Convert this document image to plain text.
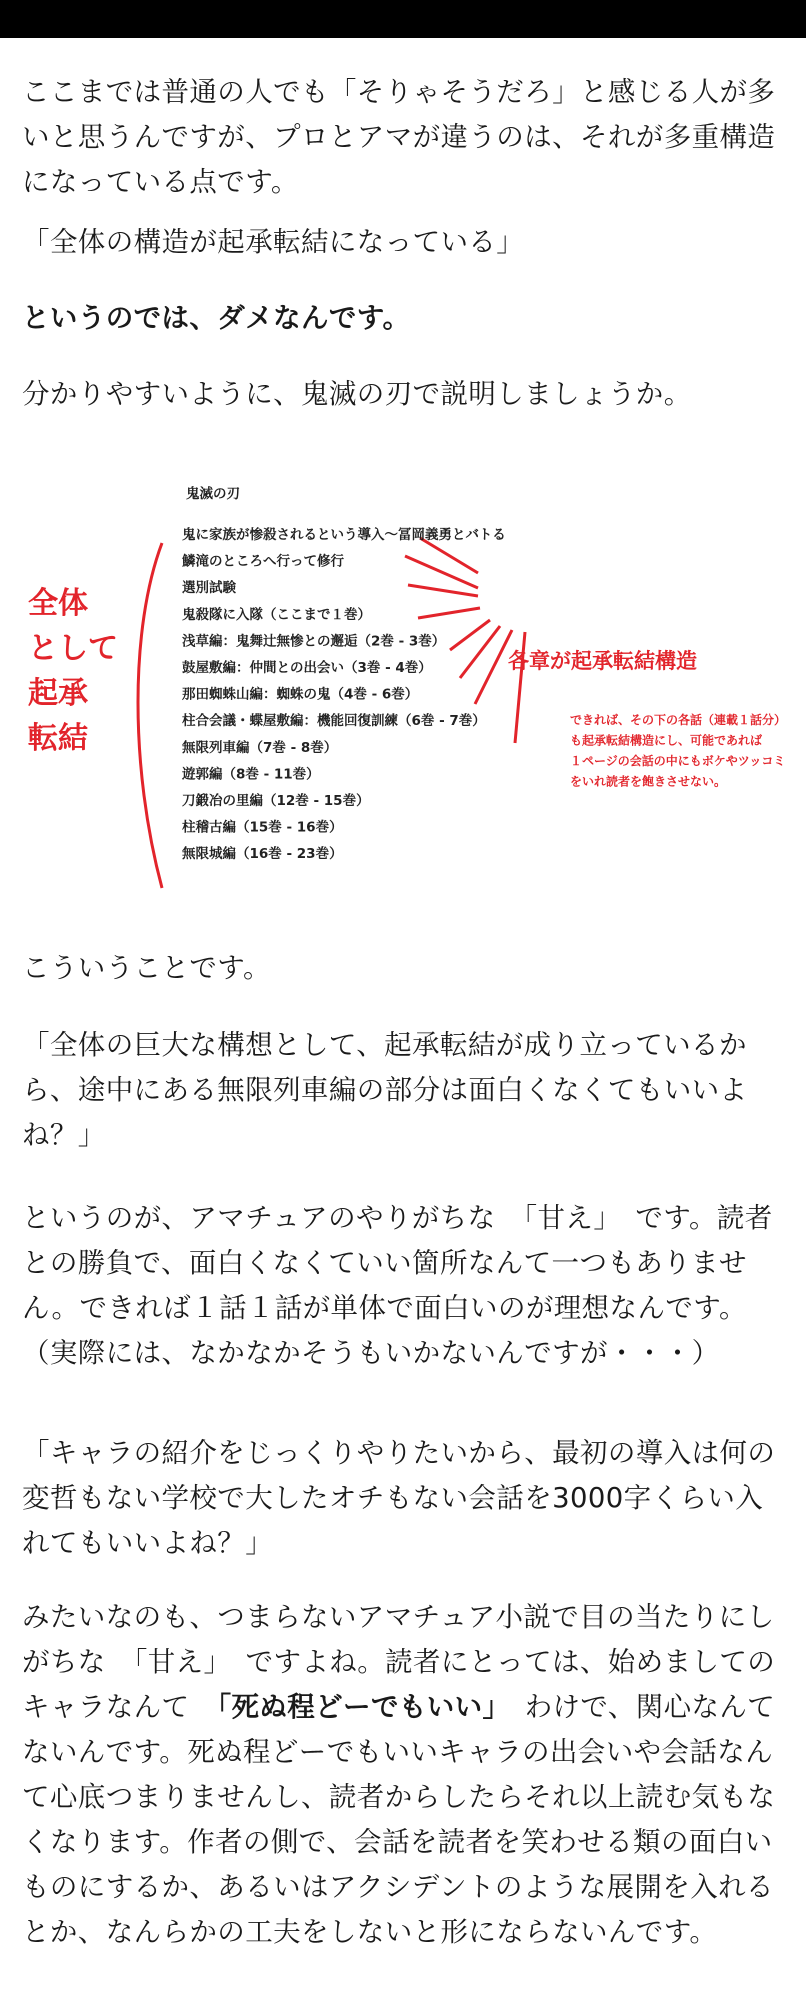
ここまでは普通の人でも「そりゃそうだろ」と感じる人が多いと思うんですが、プロとアマが違うのは、それが多重構造になっている点です。

「全体の構造が起承転結になっている」

というのでは、ダメなんです。

分かりやすいように、鬼滅の刃で説明しましょうか。

鬼滅の刃
鬼に家族が惨殺されるという導入～冨岡義勇とバトる
鱗滝のところへ行って修行
選別試験
鬼殺隊に入隊（ここまで１巻）
浅草編：鬼舞辻無惨との邂逅（2巻 - 3巻）
鼓屋敷編：仲間との出会い（3巻 - 4巻）
那田蜘蛛山編：蜘蛛の鬼（4巻 - 6巻）
柱合会議・蝶屋敷編：機能回復訓練（6巻 - 7巻）
無限列車編（7巻 - 8巻）
遊郭編（8巻 - 11巻）
刀鍛冶の里編（12巻 - 15巻）
柱稽古編（15巻 - 16巻）
無限城編（16巻 - 23巻）
全体
として
起承
転結
各章が起承転結構造
できれば、その下の各話（連載１話分）
も起承転結構造にし、可能であれば
１ページの会話の中にもボケやツッコミ
をいれ読者を飽きさせない。

こういうことです。

「全体の巨大な構想として、起承転結が成り立っているから、途中にある無限列車編の部分は面白くなくてもいいよね？」

というのが、アマチュアのやりがちな　「甘え」　です。読者との勝負で、面白くなくていい箇所なんて一つもありません。できれば１話１話が単体で面白いのが理想なんです。（実際には、なかなかそうもいかないんですが・・・）

「キャラの紹介をじっくりやりたいから、最初の導入は何の変哲もない学校で大したオチもない会話を3000字くらい入れてもいいよね？」

みたいなのも、つまらないアマチュア小説で目の当たりにしがちな　「甘え」　ですよね。読者にとっては、始めましてのキャラなんて　「死ぬ程どーでもいい」　わけで、関心なんてないんです。死ぬ程どーでもいいキャラの出会いや会話なんて心底つまりませんし、読者からしたらそれ以上読む気もなくなります。作者の側で、会話を読者を笑わせる類の面白いものにするか、あるいはアクシデントのような展開を入れるとか、なんらかの工夫をしないと形にならないんです。
